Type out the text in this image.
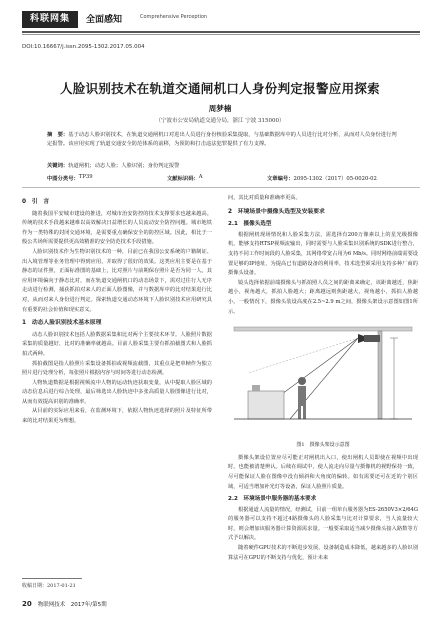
科联网集	全面感知	Comprehensive Perception
DOI:10.16667/j.issn.2095-1302.2017.05.004
人脸识别技术在轨道交通闸机口人身份判定报警应用探索
周梦楠
（宁波市公安局轨道交通分局，浙江 宁波 315000）
摘　要：基于动态人脸识别技术，在轨道交通闸机口对进出人员进行身份核验采集提取，与基础数据库中的人员进行比对分析，从而对人员身份进行判定报警。该应用实现了轨道交通安全防范体系的前移，为预防和打击违法犯罪提供了有力支撑。
关键词：轨道闸机；动态人脸；人脸识别；身份判定报警
中图分类号： TP39	文献标识码： A	文章编号： 2095-1302（2017）05-0020-02
0　引　言

随着我国平安城市建设的推进，对城市治安防控的技术支撑要求也越来越高。传统的技术手段越来越难以高效解决日益增长的人员流动安全防控问题。城市地铁作为一类特殊的封闭交通环境，是需要重点确保安全的防控区域。因此，相比于一般公共场所需要提供更高效精准的安全防范技术手段措施。

人脸识别技术作为生物识别技术的一种，目前已在我国公安系统的户籍制证、出入境管理等业务管理中得到应用，并取得了很好的效果。这类应用主要是在基于静态的证件照，正面标准图的基础上，比对照片与前期保存照片是否为同一人。其应用环境偏向于静态比对，而在轨道交通闸机口的动态场景下，需对过往行人无序走动进行检测，捕获抓拍对来人的正面人脸图像，并与数据库中的比对结果进行比对，从而对来人身份进行判定。探索轨道交通动态环境下人脸识别技术应用研究具有重要的社会价值和现实意义。

1　动态人脸识别技术基本原理

动态人脸识别技术包括人脸数据采集和比对两个主要技术环节。人脸照片数据采集的质量越好，比对的准确率就越高。目前人脸采集主要有抓拍截图式和人脸抓拍式两种。

抓拍截图是指人脸照片采集设备抓拍或视频流截图，其重点是把单帧作为独立照片进行处理分析，每张照片根据内容与时间等进行动态检测。

人物轨道数据是根据视频流中人物的运动轨迹获取变量，从中提取人脸区域的动态信息后进行综合处理，最后筛选出人脸轨迹中多张高质量人脸图像进行比对，从而有效提高识别的准确率。

从目前的实际应用来看，在监测环境下，依据人物轨迹选择的照片及特征所带来的比对结果更为理想。

问，其比对质量和准确率更高。

2　环境场景中摄像头选型及安装要求
2.1　摄像头选型

根据闸机现场情况和人脸采集方法，需选择有200万像素以上的星光级摄像机，能够支持RTSP视频流输出，同时需要与人脸采集识别系统的SDK进行整合，支持不同工作时间段的人脸采集，其网络带宽占用为6 Mb/s。同时网络前端需要设置足够的IP地址，为提高已有道路设备的利用率，技术选型须采用支持多种厂商的摄像头设备。

镜头选择依据前端摄像头与抓拍照人员之间的距离来确定，该距离越近，焦距越小，视角越大，抓拍人脸越大；距离越远则焦距越大，视角越小，抓拍人脸越小。一般情况下，摄像头装设高度在2.5~2.9 m之间，摄像头架设示意图如图1所示。

图1　摄像头架设示意图

摄像头架设位置应尽可能正对闸机出入口，使出闸机人员即使在视频中出现时，也能被清楚辨认。后续在调试中，使人流走向尽量与摄像机的视野保持一致，尽可能保证人脸在图像中没有倾斜和大角度的偏转。如有需要还可在近的个别区域，可适当增加补光灯等设备，保证人脸照片质量。

2.2　环境场景中服务器的基本要求

根据通道人流量的情况，经测试，目前一组单台服务器为ES-2650V3×2/64G的服务器可以支持不超过4路摄像头的人脸采集与比对计算要求，当人流量较大时，则会增加该服务器计算资源需求量。一般要采取适当减少摄像头接入路数等方式予以解决。

随着硬件GPU技术的不断进步发展，设备制造成本降低，越来越多的人脸识别算法可在GPU的不断支持与优化，预计未来

收稿日期：2017-01-21
20 物联网技术　2017年/第5期
